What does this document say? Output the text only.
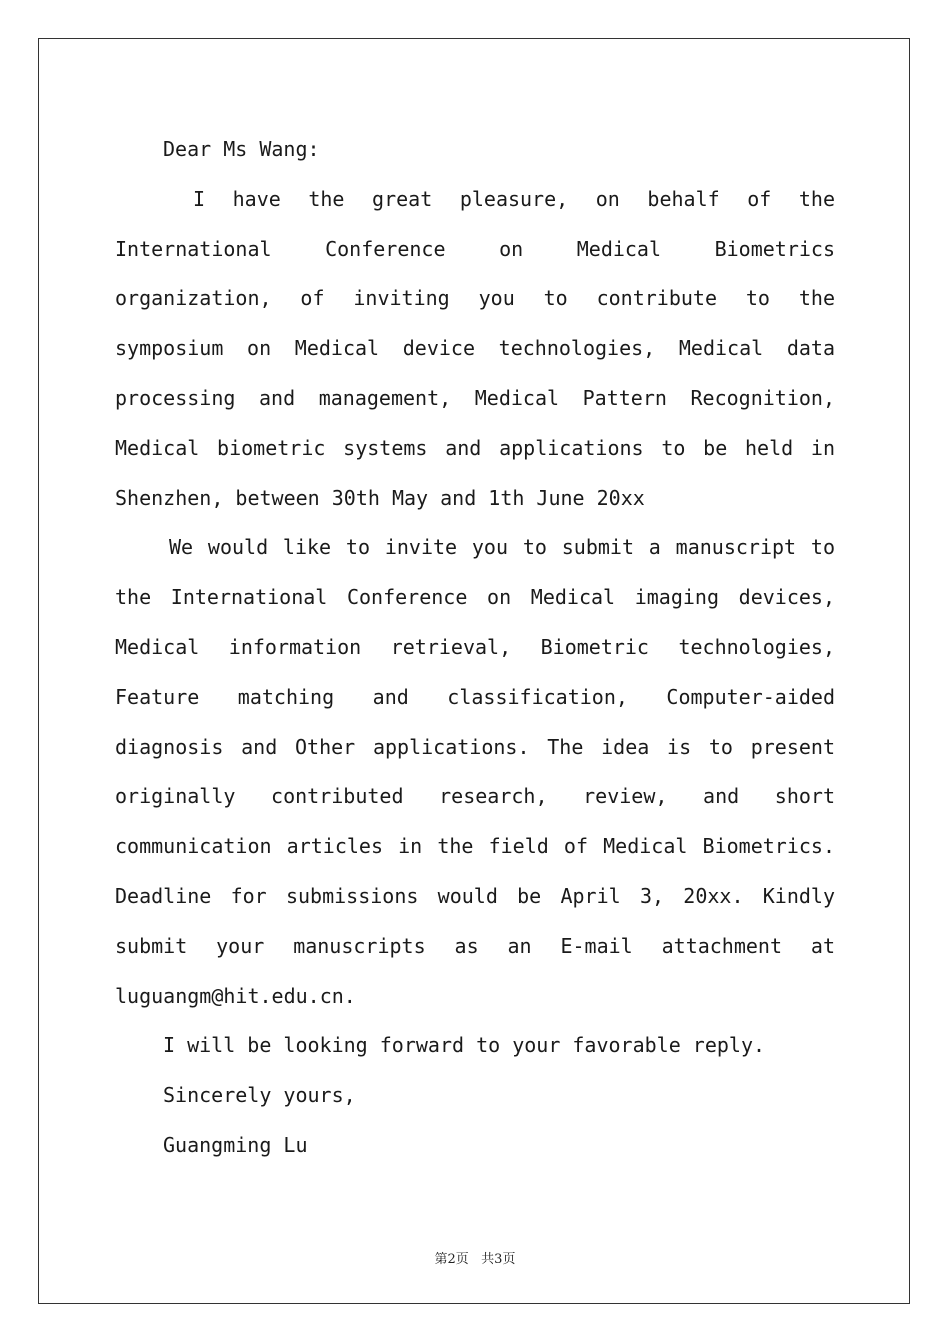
Dear Ms Wang:

I have the great pleasure, on behalf of the International Conference on Medical Biometrics organization, of inviting you to contribute to the symposium on Medical device technologies, Medical data processing and management, Medical Pattern Recognition, Medical biometric systems and applications to be held in Shenzhen, between 30th May and 1th June 20xx

We would like to invite you to submit a manuscript to the International Conference on Medical imaging devices, Medical information retrieval, Biometric technologies, Feature matching and classification, Computer-aided diagnosis and Other applications. The idea is to present originally contributed research, review, and short communication articles in the field of Medical Biometrics. Deadline for submissions would be April 3, 20xx. Kindly submit your manuscripts as an E-mail attachment at luguangm@hit.edu.cn.

I will be looking forward to your favorable reply.

Sincerely yours,

Guangming Lu

第2页   共3页
